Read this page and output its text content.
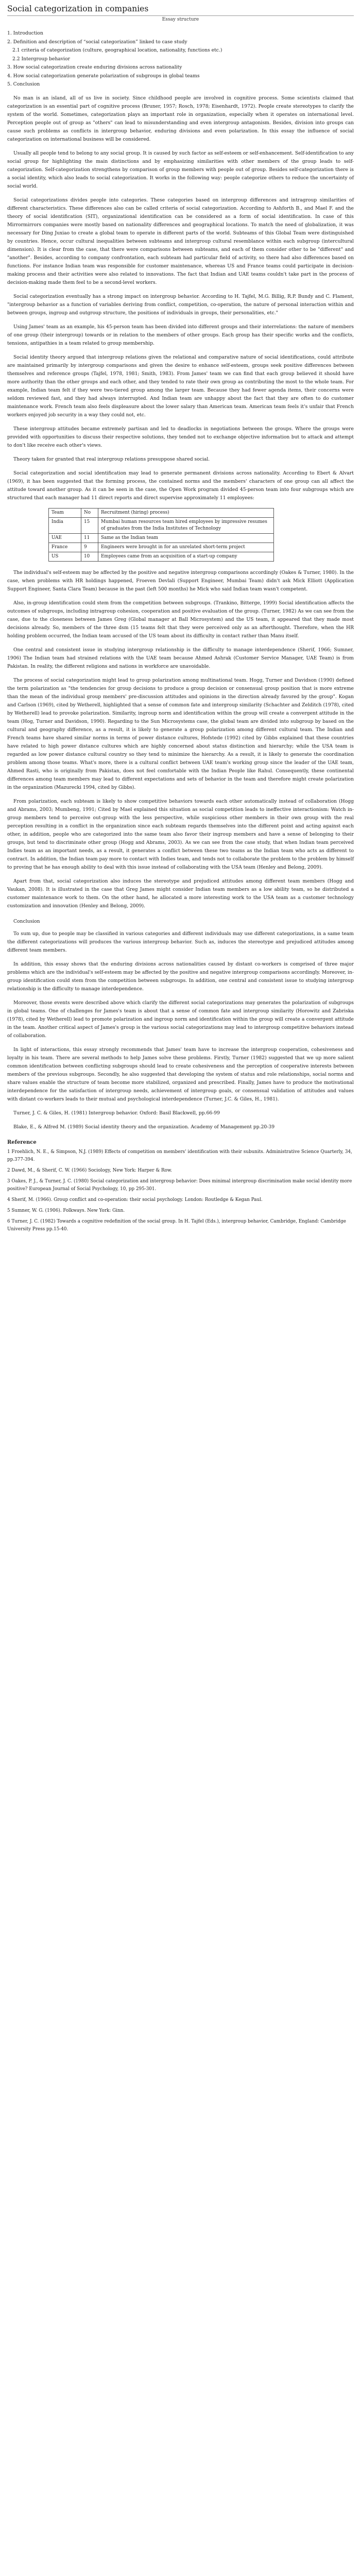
Social categorization in companies
Essay structure
1. Introduction
2. Definition and description of “social categorization” linked to case study
2.1 criteria of categorization (culture, geographical location, nationality, functions etc.)
2.2 Intergroup behavior
3. How social categorization create enduring divisions across nationality
4. How social categorization generate polarization of subgroups in global teams
5. Conclusion

No man is an island, all of us live in society. Since childhood people are involved in cognitive process. Some scientists claimed that categorization is an essential part of cognitive process (Bruner, 1957; Rosch, 1978; Eisenhardt, 1972). People create stereotypes to clarify the system of the world. Sometimes, categorization plays an important role in organization, especially when it operates on international level. Perception people out of group as "others" can lead to misunderstanding and even intergroup antagonism. Besides, division into groups can cause such problems as conflicts in intergroup behavior, enduring divisions and even polarization. In this essay the influence of social categorization on international business will be considered.

Usually all people tend to belong to any social group. It is caused by such factor as self-esteem or self-enhancement. Self-identification to any social group for highlighting the main distinctions and by emphasizing similarities with other members of the group leads to self-categorization. Self-categorization strengthens by comparison of group members with people out of group. Besides self-categorization there is a social identity, which also leads to social categorization. It works in the following way: people categorize others to reduce the uncertainty of social world.

Social categorizations divides people into categories. These categories based on intergroup differences and intragroup similarities of different characteristics. These differences also can be called criteria of social categorization. According to Ashforth B., and Mael F. and the theory of social identification (SIT), organizational identification can be considered as a form of social identification. In case of this Mirrormirrors companies were mostly based on nationality differences and geographical locations. To match the need of globalization, it was necessary for Ding Juxiao to create a global team to operate in different parts of the world. Subteams of this Global Team were distinguished by countries. Hence, occur cultural inequalities between subteams and intergroup cultural resemblance within each subgroup (intercultural dimension). It is clear from the case, that there were comparisons between subteams, and each of them consider other to be "different" and "another". Besides, according to company confrontation, each subteam had particular field of activity, so there had also differences based on functions. For instance Indian team was responsible for customer maintenance, whereas US and France teams could participate in decision-making process and their activities were also related to innovations. The fact that Indian and UAE teams couldn't take part in the process of decision-making made them feel to be a second-level workers.

Social categorization eventually has a strong impact on intergroup behavior. According to H. Tajfel, M.G. Billig, R.P. Bundy and C. Flament, "intergroup behavior as a function of variables deriving from conflict, competition, co-operation, the nature of personal interaction within and between groups, ingroup and outgroup structure, the positions of individuals in groups, their personalities, etc."

Using James' team as an example, his 45-person team has been divided into different groups and their interrelations: the nature of members of one group (their intergroup) towards or in relation to the members of other groups. Each group has their specific works and the conflicts, tensions, antipathies in a team related to group membership.

Social identity theory argued that intergroup relations given the relational and comparative nature of social identifications, could attribute are maintained primarily by intergroup comparisons and given the desire to enhance self-esteem, groups seek positive differences between themselves and reference groups (Tajfel, 1978, 1981; Smith, 1983). From James' team we can find that each group believed it should have more authority than the other groups and each other, and they tended to rate their own group as contributing the most to the whole team. For example, Indian team felt if they were two-tiered group among the larger team. Because they had fewer agenda items, their concerns were seldom reviewed fast, and they had always interrupted. And Indian team are unhappy about the fact that they are often to do customer maintenance work. French team also feels displeasure about the lower salary than American team. American team feels it's unfair that French workers enjoyed job security in a way they could not, etc.

These intergroup attitudes became extremely partisan and led to deadlocks in negotiations between the groups. Where the groups were provided with opportunities to discuss their respective solutions, they tended not to exchange objective information but to attack and attempt to don't like receive each other's views.

Theory taken for granted that real intergroup relations presuppose shared social.

Social categorization and social identification may lead to generate permanent divisions across nationality. According to Ebert & Alvart (1969), it has been suggested that the forming process, the contained norms and the members' characters of one group can all affect the attitude toward another group. As it can be seen in the case, the Open Work program divided 45-person team into four subgroups which are structured that each manager had 11 direct reports and direct supervise approximately 11 employees:

Team	No	Recruitment (hiring) process)
India	15	Mumbai human resources team hired employees by impressive resumes of graduates from the India Institutes of Technology
UAE	11	Same as the Indian team
France	9	Engineers were brought in for an unrelated short-term project
US	10	Employees came from an acquisition of a start-up company

The individual's self-esteem may be affected by the positive and negative intergroup comparisons accordingly (Oakes & Turner, 1980). In the case, when problems with HR holdings happened, Froeven Devlali (Support Engineer, Mumbai Team) didn't ask Mick Elliott (Application Support Engineer, Santa Clara Team) because in the past (left 500 months) he Mick who said Indian team wasn't competent.

Also, in-group identification could stem from the competition between subgroups. (Trankino, Bitterge, 1999) Social identification affects the outcomes of subgroups, including intragroup cohesion, cooperation and positive evaluation of the group. (Turner, 1982) As we can see from the case, due to the closeness between James Greg (Global manager at Ball Microsystem) and the US team, it appeared that they made most decisions already. So, members of the three dsm (15 teams felt that they were perceived only as an afterthought. Therefore, when the HR holding problem occurred, the Indian team accused of the US team about its difficulty in contact rather than Manu itself.

One central and consistent issue in studying intergroup relationship is the difficulty to manage interdependence (Sherif, 1966; Sumner, 1906) The Indian team had strained relations with the UAE team because Ahmed Ashrak (Customer Service Manager, UAE Team) is from Pakistan. In reality, the different religions and nations in workforce are unavoidable.

The process of social categorization might lead to group polarization among multinational team. Hogg, Turner and Davidson (1990) defined the term polarization as "the tendencies for group decisions to produce a group decision or consensual group position that is more extreme than the mean of the individual group members' pre-discussion attitudes and opinions in the direction already favored by the group". Kogan and Carlson (1969), cited by Wetherell, highlighted that a sense of common fate and intergroup similarity (Schachter and Zelditch (1978), cited by Wetherell) lead to provoke polarization. Similarity, ingroup norm and identification within the group will create a convergent attitude in the team (Hog, Turner and Davidson, 1990). Regarding to the Sun Microsystems case, the global team are divided into subgroup by based on the cultural and geography difference, as a result, it is likely to generate a group polarization among different cultural team. The Indian and French teams have shared similar norms in terms of power distance cultures, Hofstede (1992) cited by Gibbs explained that these countries have related to high power distance cultures which are highly concerned about status distinction and hierarchy; while the USA team is regarded as low power distance cultural country so they tend to minimize the hierarchy. As a result, it is likely to generate the coordination problem among those teams. What's more, there is a cultural conflict between UAE team's working group since the leader of the UAE team, Ahmed Rasti, who is originally from Pakistan, does not feel comfortable with the Indian People like Rahul. Consequently, these continental differences among team members may lead to different expectations and sets of behavior in the team and therefore might create polarization in the organization (Mazurecki 1994, cited by Gibbs).

From polarization, each subteam is likely to show competitive behaviors towards each other automatically instead of collaboration (Hogg and Abrams, 2003; Mumbeng, 1991; Cited by Mael explained this situation as social competition leads to ineffective interactionism: Watch in-group members tend to perceive out-group with the less perspective, while suspicious other members in their own group with the real perception resulting in a conflict in the organization since each subteam regards themselves into the different point and acting against each other, in addition, people who are categorized into the same team also favor their ingroup members and have a sense of belonging to their groups, but tend to discriminate other group (Hogg and Abrams, 2003). As we can see from the case study, that when Indian team perceived Indies team as an important needs, as a result, it generates a conflict between these two teams as the Indian team who acts as different to contract. In addition, the Indian team pay more to contact with Indies team, and tends not to collaborate the problem to the problem by himself to proving that he has enough ability to deal with this issue instead of collaborating with the USA team (Henley and Belong, 2009).

Apart from that, social categorization also induces the stereotype and prejudiced attitudes among different team members (Hogg and Vaukan, 2008). It is illustrated in the case that Greg James might consider Indian team members as a low ability team, so he distributed a customer maintenance work to them. On the other hand, he allocated a more interesting work to the USA team as a customer technology customization and innovation (Henley and Belong, 2009).

Conclusion

To sum up, due to people may be classified in various categories and different individuals may use different categorizations, in a same team the different categorizations will produces the various intergroup behavior. Such as, induces the stereotype and prejudiced attitudes among different team members.

In addition, this essay shows that the enduring divisions across nationalities caused by distant co-workers is comprised of three major problems which are the individual's self-esteem may be affected by the positive and negative intergroup comparisons accordingly. Moreover, in-group identification could stem from the competition between subgroups. In addition, one central and consistent issue to studying intergroup relationship is the difficulty to manage interdependence.

Moreover, those events were described above which clarify the different social categorizations may generates the polarization of subgroups in global teams. One of challenges for James's team is about that a sense of common fate and intergroup similarity (Horowitz and Zabriska (1978), cited by Wetherell) lead to promote polarization and ingroup norm and identification within the group will create a convergent attitude in the team. Another critical aspect of James's group is the various social categorizations may lead to intergroup competitive behaviors instead of collaboration.

In light of interactions, this essay strongly recommends that James' team have to increase the intergroup cooperation, cohesiveness and loyalty in his team. There are several methods to help James solve these problems. Firstly, Turner (1982) suggested that we up more salient common identification between conflicting subgroups should lead to create cohesiveness and the perception of cooperative interests between members of the previous subgroups. Secondly, he also suggested that developing the system of status and role relationships, social norms and share values enable the structure of team become more stabilized, organized and prescribed. Finally, James have to produce the motivational interdependence for the satisfaction of intergroup needs, achievement of intergroup goals, or consensual validation of attitudes and values with distant co-workers leads to their mutual and psychological interdependence (Turner, J.C. & Giles, H., 1981).

Turner, J. C. & Giles, H. (1981) Intergroup behavior. Oxford: Basil Blackwell, pp.66-99

Blake, E., & Alfred M. (1989) Social identity theory and the organization. Academy of Management pp.20-39

Reference
1 Froehlich, N. E., & Simpson, N.J. (1989) Effects of competition on members' identification with their subunits. Administrative Science Quarterly, 34, pp.377-394.
2 Dawd, M., & Sherif, C. W. (1966) Sociology, New York: Harper & Row.
3 Oakes, P. J., & Turner, J. C. (1980) Social categorization and intergroup behavior: Does minimal intergroup discrimination make social identity more positive? European Journal of Social Psychology, 10, pp 295-301.
4 Sherif, M. (1966). Group conflict and co-operation: their social psychology. London: Routledge & Kegan Paul.
5 Sumner, W. G. (1906). Folkways. New York: Ginn.
6 Turner, J. C. (1982) Towards a cognitive redefinition of the social group. In H. Tajfel (Eds.), intergroup behavior, Cambridge, England: Cambridge University Press pp.15-40.
